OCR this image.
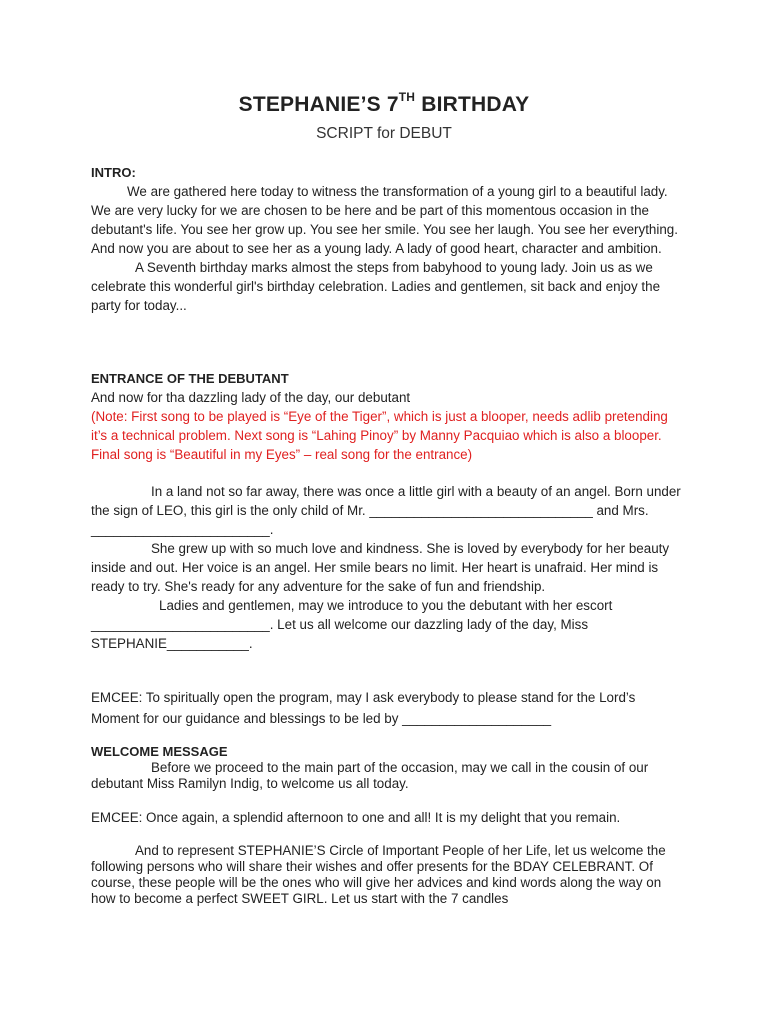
STEPHANIE’S 7TH BIRTHDAY
SCRIPT for DEBUT
INTRO:

We are gathered here today to witness the transformation of a young girl to a beautiful lady. We are very lucky for we are chosen to be here and be part of this momentous occasion in the debutant's life. You see her grow up. You see her smile. You see her laugh. You see her everything. And now you are about to see her as a young lady. A lady of good heart, character and ambition.

A Seventh birthday marks almost the steps from babyhood to young lady. Join us as we celebrate this wonderful girl's birthday celebration. Ladies and gentlemen, sit back and enjoy the party for today...

ENTRANCE OF THE DEBUTANT

And now for tha dazzling lady of the day, our debutant

(Note: First song to be played is “Eye of the Tiger”, which is just a blooper, needs adlib pretending it’s a technical problem. Next song is “Lahing Pinoy” by Manny Pacquiao which is also a blooper. Final song is “Beautiful in my Eyes” – real song for the entrance)

In a land not so far away, there was once a little girl with a beauty of an angel. Born under the sign of LEO, this girl is the only child of Mr. ______________________________ and Mrs. ________________________.

She grew up with so much love and kindness. She is loved by everybody for her beauty inside and out. Her voice is an angel. Her smile bears no limit. Her heart is unafraid. Her mind is ready to try. She's ready for any adventure for the sake of fun and friendship.

Ladies and gentlemen, may we introduce to you the debutant with her escort ________________________. Let us all welcome our dazzling lady of the day, Miss STEPHANIE___________.

EMCEE: To spiritually open the program, may I ask everybody to please stand for the Lord’s Moment for our guidance and blessings to be led by ____________________

WELCOME MESSAGE

Before we proceed to the main part of the occasion, may we call in the cousin of our debutant Miss Ramilyn Indig, to welcome us all today.

EMCEE: Once again, a splendid afternoon to one and all! It is my delight that you remain.

And to represent STEPHANIE’S Circle of Important People of her Life, let us welcome the following persons who will share their wishes and offer presents for the BDAY CELEBRANT. Of course, these people will be the ones who will give her advices and kind words along the way on how to become a perfect SWEET GIRL. Let us start with the 7 candles
